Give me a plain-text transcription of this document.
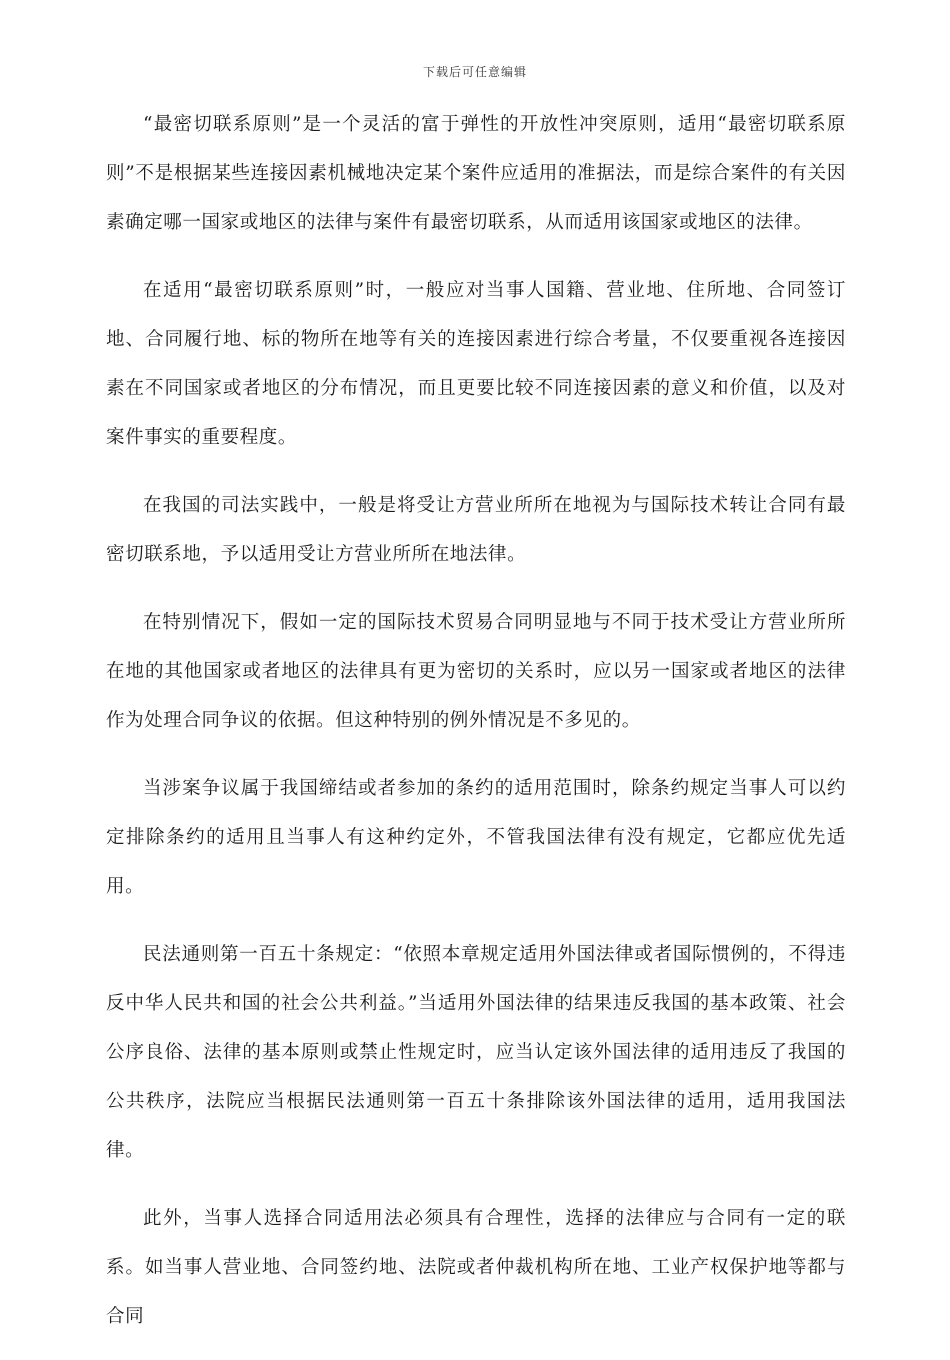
下载后可任意编辑

“最密切联系原则”是一个灵活的富于弹性的开放性冲突原则，适用“最密切联系原则”不是根据某些连接因素机械地决定某个案件应适用的准据法，而是综合案件的有关因素确定哪一国家或地区的法律与案件有最密切联系，从而适用该国家或地区的法律。

在适用“最密切联系原则”时，一般应对当事人国籍、营业地、住所地、合同签订地、合同履行地、标的物所在地等有关的连接因素进行综合考量，不仅要重视各连接因素在不同国家或者地区的分布情况，而且更要比较不同连接因素的意义和价值，以及对案件事实的重要程度。

在我国的司法实践中，一般是将受让方营业所所在地视为与国际技术转让合同有最密切联系地，予以适用受让方营业所所在地法律。

在特别情况下，假如一定的国际技术贸易合同明显地与不同于技术受让方营业所所在地的其他国家或者地区的法律具有更为密切的关系时，应以另一国家或者地区的法律作为处理合同争议的依据。但这种特别的例外情况是不多见的。

当涉案争议属于我国缔结或者参加的条约的适用范围时，除条约规定当事人可以约定排除条约的适用且当事人有这种约定外，不管我国法律有没有规定，它都应优先适用。

民法通则第一百五十条规定：“依照本章规定适用外国法律或者国际惯例的，不得违反中华人民共和国的社会公共利益。”当适用外国法律的结果违反我国的基本政策、社会公序良俗、法律的基本原则或禁止性规定时，应当认定该外国法律的适用违反了我国的公共秩序，法院应当根据民法通则第一百五十条排除该外国法律的适用，适用我国法律。

此外，当事人选择合同适用法必须具有合理性，选择的法律应与合同有一定的联系。如当事人营业地、合同签约地、法院或者仲裁机构所在地、工业产权保护地等都与合同
